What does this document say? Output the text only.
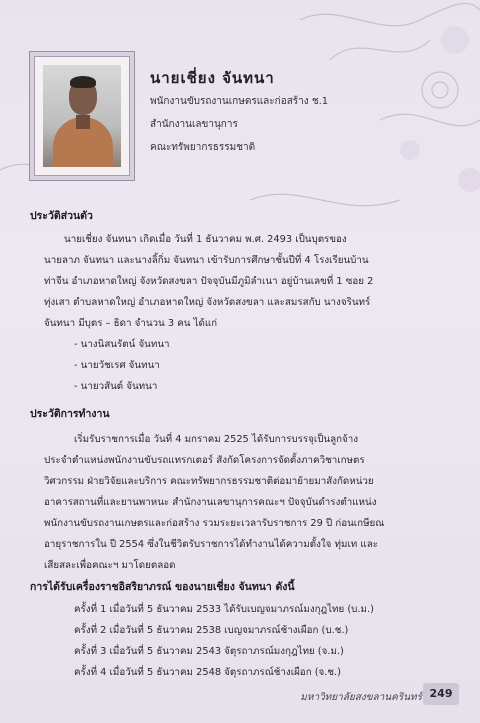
นายเชี่ยง จันทนา
พนักงานขับรถงานเกษตรและก่อสร้าง ช.1
สำนักงานเลขานุการ
คณะทรัพยากรธรรมชาติ
ประวัติส่วนตัว
นายเชี่ยง จันทนา เกิดเมื่อ วันที่ 1 ธันวาคม พ.ศ. 2493 เป็นบุตรของ
นายลาภ จันทนา และนางลิ้กิ่ม จันทนา เข้ารับการศึกษาชั้นปีที่ 4 โรงเรียนบ้าน
ท่าจีน อำเภอหาดใหญ่ จังหวัดสงขลา ปัจจุบันมีภูมิลำเนา อยู่บ้านเลขที่ 1 ซอย 2
ทุ่งเสา ตำบลหาดใหญ่ อำเภอหาดใหญ่ จังหวัดสงขลา และสมรสกับ นางจรินทร์
จันทนา มีบุตร – ธิดา จำนวน 3 คน ได้แก่
- นางนิสนรัตน์ จันทนา
- นายวัชเรศ จันทนา
- นายวสันต์ จันทนา
ประวัติการทำงาน
เริ่มรับราชการเมื่อ วันที่ 4 มกราคม 2525 ได้รับการบรรจุเป็นลูกจ้าง
ประจำตำแหน่งพนักงานขับรถแทรกเตอร์ สังกัดโครงการจัดตั้งภาควิชาเกษตร
วิศวกรรม ฝ่ายวิจัยและบริการ คณะทรัพยากรธรรมชาติต่อมาย้ายมาสังกัดหน่วย
อาคารสถานที่และยานพาหนะ สำนักงานเลขานุการคณะฯ ปัจจุบันดำรงตำแหน่ง
พนักงานขับรถงานเกษตรและก่อสร้าง รวมระยะเวลารับราชการ 29 ปี ก่อนเกษียณ
อายุราชการใน ปี 2554 ซึ่งในชีวิตรับราชการได้ทำงานได้ความตั้งใจ ทุ่มเท และ
เสียสละเพื่อคณะฯ มาโดยตลอด
การได้รับเครื่องราชอิสริยาภรณ์ ของนายเชี่ยง จันทนา ดังนี้
ครั้งที่ 1 เมื่อวันที่ 5 ธันวาคม 2533 ได้รับเบญจมาภรณ์มงกุฎไทย (บ.ม.)
ครั้งที่ 2 เมื่อวันที่ 5 ธันวาคม 2538 เบญจมาภรณ์ช้างเผือก (บ.ช.)
ครั้งที่ 3 เมื่อวันที่ 5 ธันวาคม 2543 จัตุรถาภรณ์มงกุฎไทย (จ.ม.)
ครั้งที่ 4 เมื่อวันที่ 5 ธันวาคม 2548 จัตุรถาภรณ์ช้างเผือก (จ.ช.)
มหาวิทยาลัยสงขลานครินทร์ 249
